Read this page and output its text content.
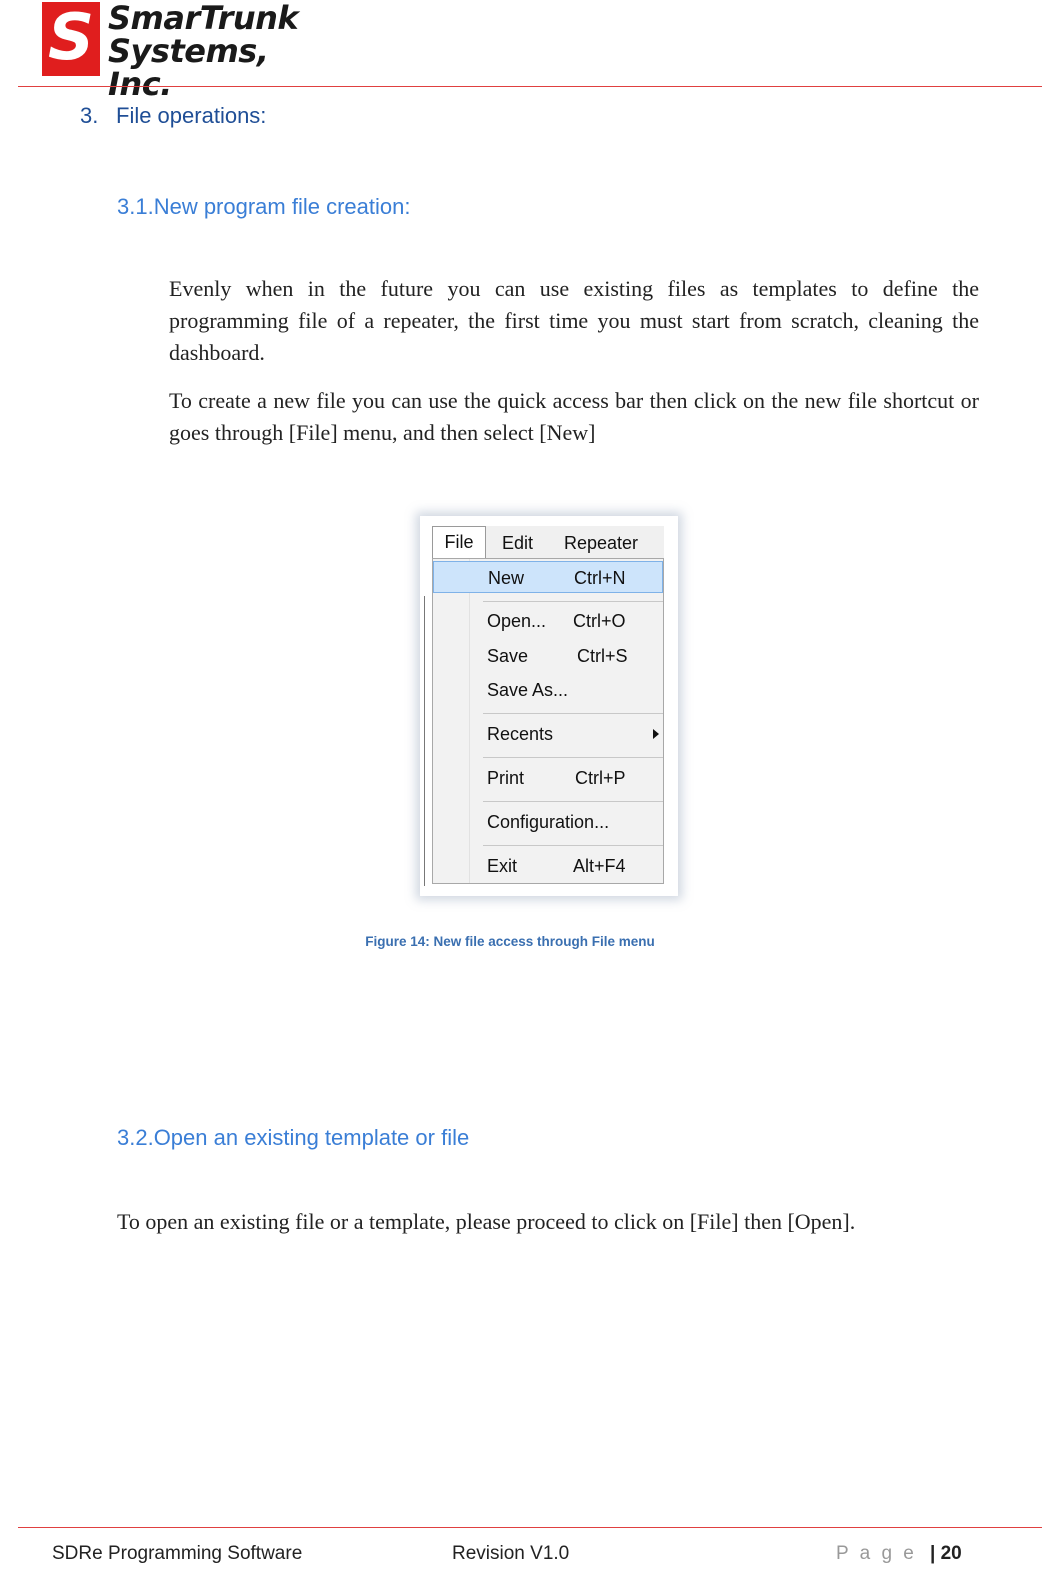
S SmarTrunk
Systems, Inc.
3. File operations:
3.1.New program file creation:

Evenly when in the future you can use existing files as templates to define the programming file of a repeater, the first time you must start from scratch, cleaning the dashboard.

To create a new file you can use the quick access bar then click on the new file shortcut or goes through [File] menu, and then select [New]

File	Edit Repeater
New	Ctrl+N
Open... Ctrl+O
Save	Ctrl+S
Save As...
Recents
Print	Ctrl+P
Configuration...
Exit	Alt+F4
Figure 14: New file access through File menu
3.2.Open an existing template or file

To open an existing file or a template, please proceed to click on [File] then [Open].

SDRe Programming Software	Revision V1.0	P a g e | 20
